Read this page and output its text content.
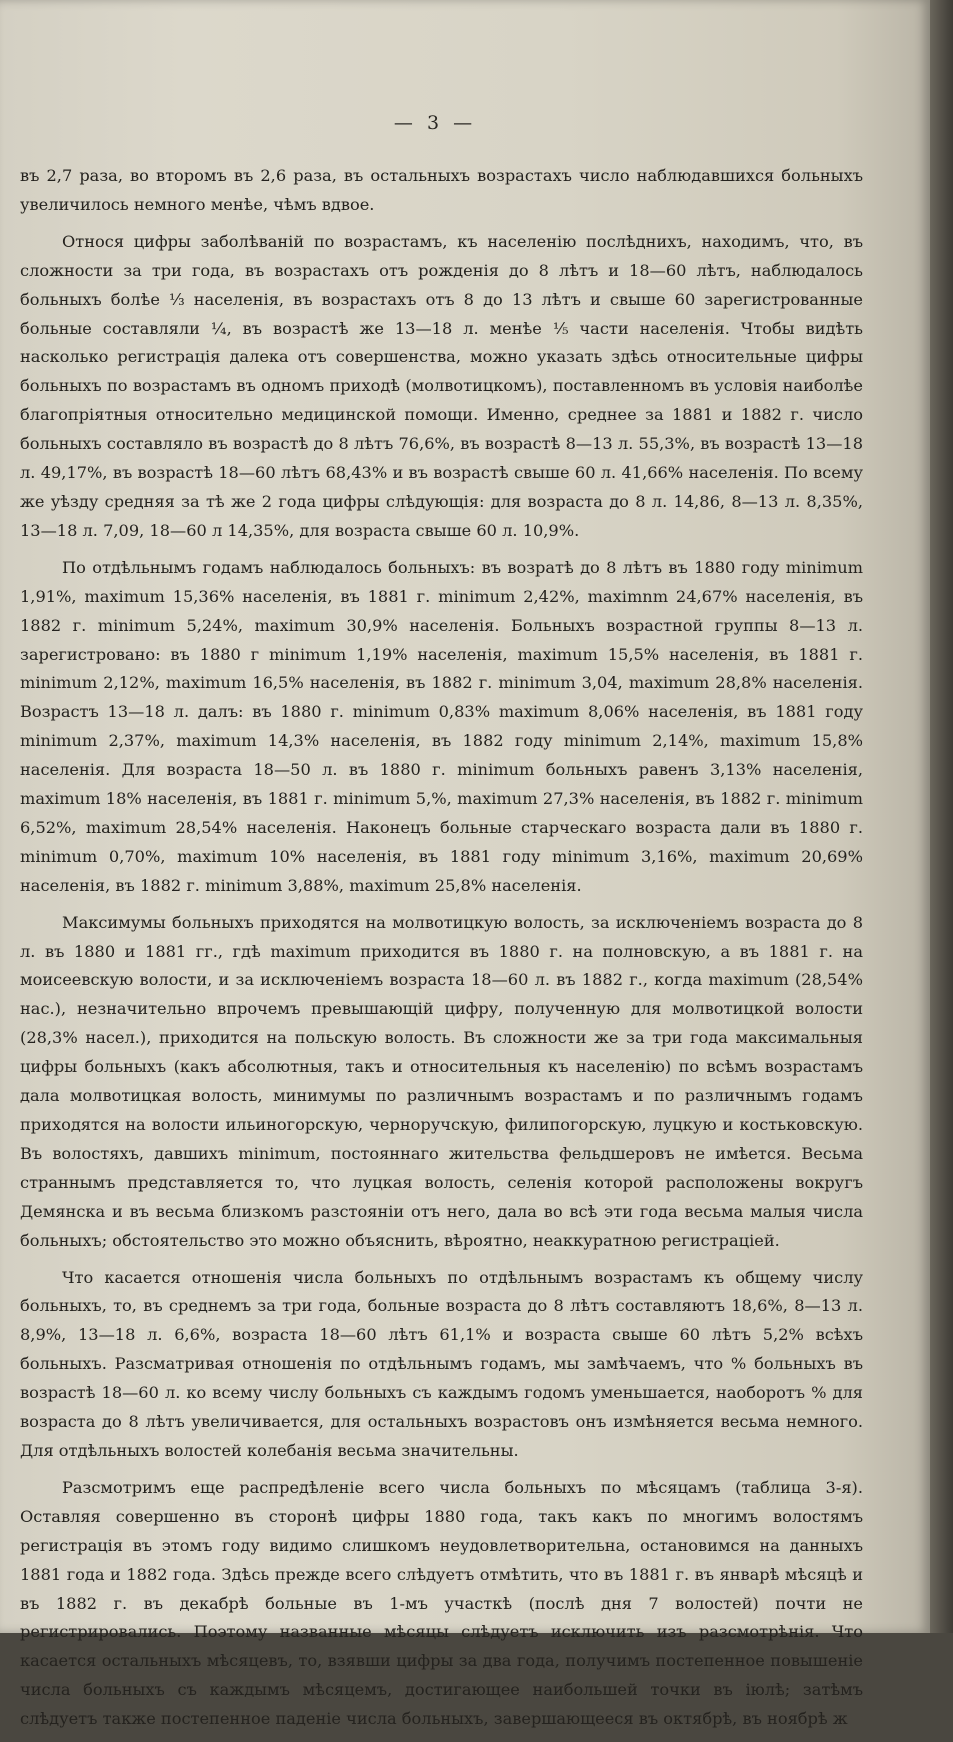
— 3 —

въ 2,7 раза, во второмъ въ 2,6 раза, въ остальныхъ возрастахъ число наблюдавшихся больныхъ увеличилось немного менѣе, чѣмъ вдвое.

Относя цифры заболѣваній по возрастамъ, къ населенію послѣднихъ, находимъ, что, въ сложности за три года, въ возрастахъ отъ рожденія до 8 лѣтъ и 18—60 лѣтъ, наблюдалось больныхъ болѣе ⅓ населенія, въ возрастахъ отъ 8 до 13 лѣтъ и свыше 60 зарегистрованные больные составляли ¼, въ возрастѣ же 13—18 л. менѣе ⅕ части населенія. Чтобы видѣть насколько регистрація далека отъ совершенства, можно указать здѣсь относительные цифры больныхъ по возрастамъ въ одномъ приходѣ (молвотицкомъ), поставленномъ въ условія наиболѣе благопріятныя относительно медицинской помощи. Именно, среднее за 1881 и 1882 г. число больныхъ составляло въ возрастѣ до 8 лѣтъ 76,6%, въ возрастѣ 8—13 л. 55,3%, въ возрастѣ 13—18 л. 49,17%, въ возрастѣ 18—60 лѣтъ 68,43% и въ возрастѣ свыше 60 л. 41,66% населенія. По всему же уѣзду средняя за тѣ же 2 года цифры слѣдующія: для возраста до 8 л. 14,86, 8—13 л. 8,35%, 13—18 л. 7,09, 18—60 л 14,35%, для возраста свыше 60 л. 10,9%.

По отдѣльнымъ годамъ наблюдалось больныхъ: въ возратѣ до 8 лѣтъ въ 1880 году minimum 1,91%, maximum 15,36% населенія, въ 1881 г. minimum 2,42%, maximnm 24,67% населенія, въ 1882 г. minimum 5,24%, maximum 30,9% населенія. Больныхъ возрастной группы 8—13 л. зарегистровано: въ 1880 г minimum 1,19% населенія, maximum 15,5% населенія, въ 1881 г. minimum 2,12%, maximum 16,5% населенія, въ 1882 г. minimum 3,04, maximum 28,8% населенія. Возрастъ 13—18 л. далъ: въ 1880 г. minimum 0,83% maximum 8,06% населенія, въ 1881 году minimum 2,37%, maximum 14,3% населенія, въ 1882 году minimum 2,14%, maximum 15,8% населенія. Для возраста 18—50 л. въ 1880 г. minimum больныхъ равенъ 3,13% населенія, maximum 18% населенія, въ 1881 г. minimum 5,%, maximum 27,3% населенія, въ 1882 г. minimum 6,52%, maximum 28,54% населенія. Наконецъ больные старческаго возраста дали въ 1880 г. minimum 0,70%, maximum 10% населенія, въ 1881 году minimum 3,16%, maximum 20,69% населенія, въ 1882 г. minimum 3,88%, maximum 25,8% населенія.

Максимумы больныхъ приходятся на молвотицкую волость, за исключеніемъ возраста до 8 л. въ 1880 и 1881 гг., гдѣ maximum приходится въ 1880 г. на полновскую, а въ 1881 г. на моисеевскую волости, и за исключеніемъ возраста 18—60 л. въ 1882 г., когда maximum (28,54% нас.), незначительно впрочемъ превышающій цифру, полученную для молвотицкой волости (28,3% насел.), приходится на польскую волость. Въ сложности же за три года максимальныя цифры больныхъ (какъ абсолютныя, такъ и относительныя къ населенію) по всѣмъ возрастамъ дала молвотицкая волость, минимумы по различнымъ возрастамъ и по различнымъ годамъ приходятся на волости ильиногорскую, черноручскую, филипогорскую, луцкую и костьковскую. Въ волостяхъ, давшихъ minimum, постояннаго жительства фельдшеровъ не имѣется. Весьма страннымъ представляется то, что луцкая волость, селенія которой расположены вокругъ Демянска и въ весьма близкомъ разстояніи отъ него, дала во всѣ эти года весьма малыя числа больныхъ; обстоятельство это можно объяснить, вѣроятно, неаккуратною регистраціей.

Что касается отношенія числа больныхъ по отдѣльнымъ возрастамъ къ общему числу больныхъ, то, въ среднемъ за три года, больные возраста до 8 лѣтъ составляютъ 18,6%, 8—13 л. 8,9%, 13—18 л. 6,6%, возраста 18—60 лѣтъ 61,1% и возраста свыше 60 лѣтъ 5,2% всѣхъ больныхъ. Разсматривая отношенія по отдѣльнымъ годамъ, мы замѣчаемъ, что % больныхъ въ возрастѣ 18—60 л. ко всему числу больныхъ съ каждымъ годомъ уменьшается, наоборотъ % для возраста до 8 лѣтъ увеличивается, для остальныхъ возрастовъ онъ измѣняется весьма немного. Для отдѣльныхъ волостей колебанія весьма значительны.

Разсмотримъ еще распредѣленіе всего числа больныхъ по мѣсяцамъ (таблица 3-я). Оставляя совершенно въ сторонѣ цифры 1880 года, такъ какъ по многимъ волостямъ регистрація въ этомъ году видимо слишкомъ неудовлетворительна, остановимся на данныхъ 1881 года и 1882 года. Здѣсь прежде всего слѣдуетъ отмѣтить, что въ 1881 г. въ январѣ мѣсяцѣ и въ 1882 г. въ декабрѣ больные въ 1-мъ участкѣ (послѣ дня 7 волостей) почти не регистрировались. Поэтому названные мѣсяцы слѣдуетъ исключить изъ разсмотрѣнія. Что касается остальныхъ мѣсяцевъ, то, взявши цифры за два года, получимъ постепенное повышеніе числа больныхъ съ каждымъ мѣсяцемъ, достигающее наибольшей точки въ іюлѣ; затѣмъ слѣдуетъ также постепенное паденіе числа больныхъ, завершающееся въ октябрѣ, въ ноябрѣ ж
